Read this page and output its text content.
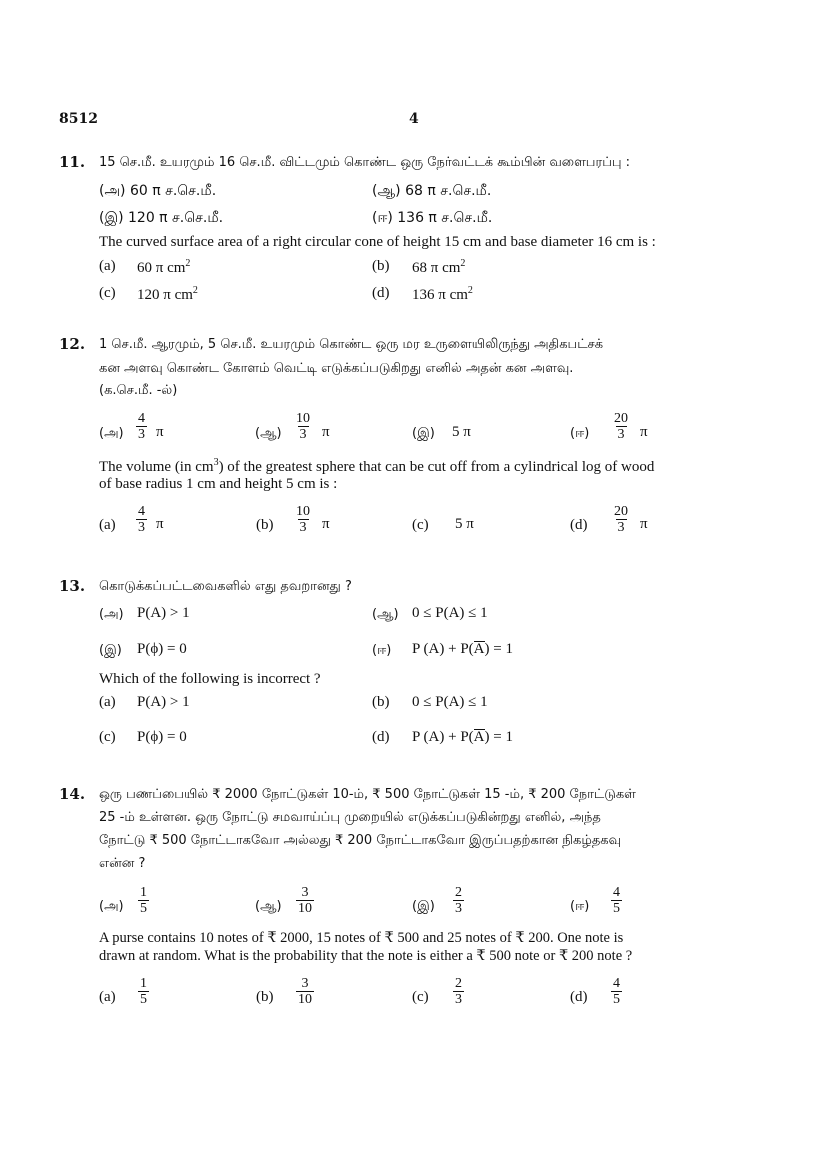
8512	4
11. 15 செ.மீ. உயரமும் 16 செ.மீ. விட்டமும் கொண்ட ஒரு நேர்வட்டக் கூம்பின் வளைபரப்பு :
(அ) 60 π ச.செ.மீ.	(ஆ) 68 π ச.செ.மீ.
(இ) 120 π ச.செ.மீ.	(ஈ) 136 π ச.செ.மீ.
The curved surface area of a right circular cone of height 15 cm and base diameter 16 cm is :
(a) 60 π $cm^2$	(b) 68 π $cm^2$
(c) 120 π $cm^2$	(d) 136 π $cm^2$
12. 1 செ.மீ. ஆரமும், 5 செ.மீ. உயரமும் கொண்ட ஒரு மர உருளையிலிருந்து அதிகபட்சக்
கன அளவு கொண்ட கோளம் வெட்டி எடுக்கப்படுகிறது எனில் அதன் கன அளவு.
(க.செ.மீ. -ல்)
(அ) $\frac{4}{3}$ π	(ஆ) $\frac{10}{3}$ π	(இ) 5 π	(ஈ) $\frac{20}{3}$ π
The volume (in $cm^3$) of the greatest sphere that can be cut off from a cylindrical log of wood
of base radius 1 cm and height 5 cm is :
$(a) \frac{4}{3}$ π	$(b) \frac{10}{3}$ π	(c) 5 π	$(d) \frac{20}{3}$ π
13. கொடுக்கப்பட்டவைகளில் எது தவறானது ?
(அ) P(A) > 1	(ஆ) 0 ≤ P(A) ≤ 1
(இ) P(ϕ) = 0	(ஈ) P (A) + P(A) = 1
Which of the following is incorrect ?
(a) P(A) > 1	(b) 0 ≤ P(A) ≤ 1
(c) P(ϕ) = 0	(d) P (A) + P(A) = 1
14. ஒரு பணப்பையில் ₹ 2000 நோட்டுகள் 10-ம், ₹ 500 நோட்டுகள் 15 -ம், ₹ 200 நோட்டுகள்
25 -ம் உள்ளன. ஒரு நோட்டு சமவாய்ப்பு முறையில் எடுக்கப்படுகின்றது எனில், அந்த
நோட்டு ₹ 500 நோட்டாகவோ அல்லது ₹ 200 நோட்டாகவோ இருப்பதற்கான நிகழ்தகவு
என்ன ?
(அ) $\frac{1}{5}$	(ஆ) $\frac{3}{10}$	(இ) $\frac{2}{3}$	(ஈ) $\frac{4}{5}$
A purse contains 10 notes of ₹ 2000, 15 notes of ₹ 500 and 25 notes of ₹ 200. One note is
drawn at random. What is the probability that the note is either a ₹ 500 note or ₹ 200 note ?
$(a) \frac{1}{5}$	$(b) \frac{3}{10}$	$(c) \frac{2}{3}$	$(d) \frac{4}{5}$
